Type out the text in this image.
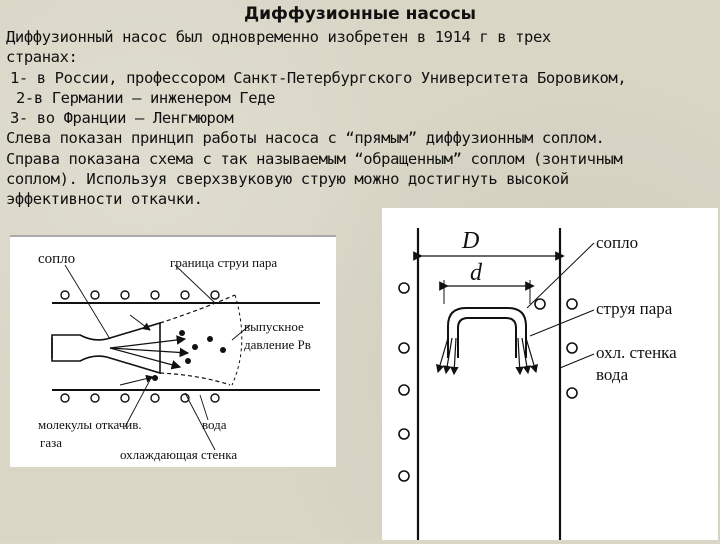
Диффузионные насосы
Диффузионный насос был одновременно изобретен в 1914 г в трех
странах:
1- в России, профессором Санкт-Петербургского Университета Боровиком,
2-в Германии – инженером Геде
3- во Франции – Ленгмюром
Слева показан принцип работы насоса с “прямым” диффузионным соплом.
Справа показана схема с так называемым “обращенным” соплом (зонтичным
соплом). Используя сверхзвуковую струю можно достигнуть высокой
эффективности откачки.
сопло	граница струи пара
выпускное
давление Рв
молекулы откачив.
газа
вода
охлаждающая стенка
D
d
сопло
струя пара
охл. стенка
вода
